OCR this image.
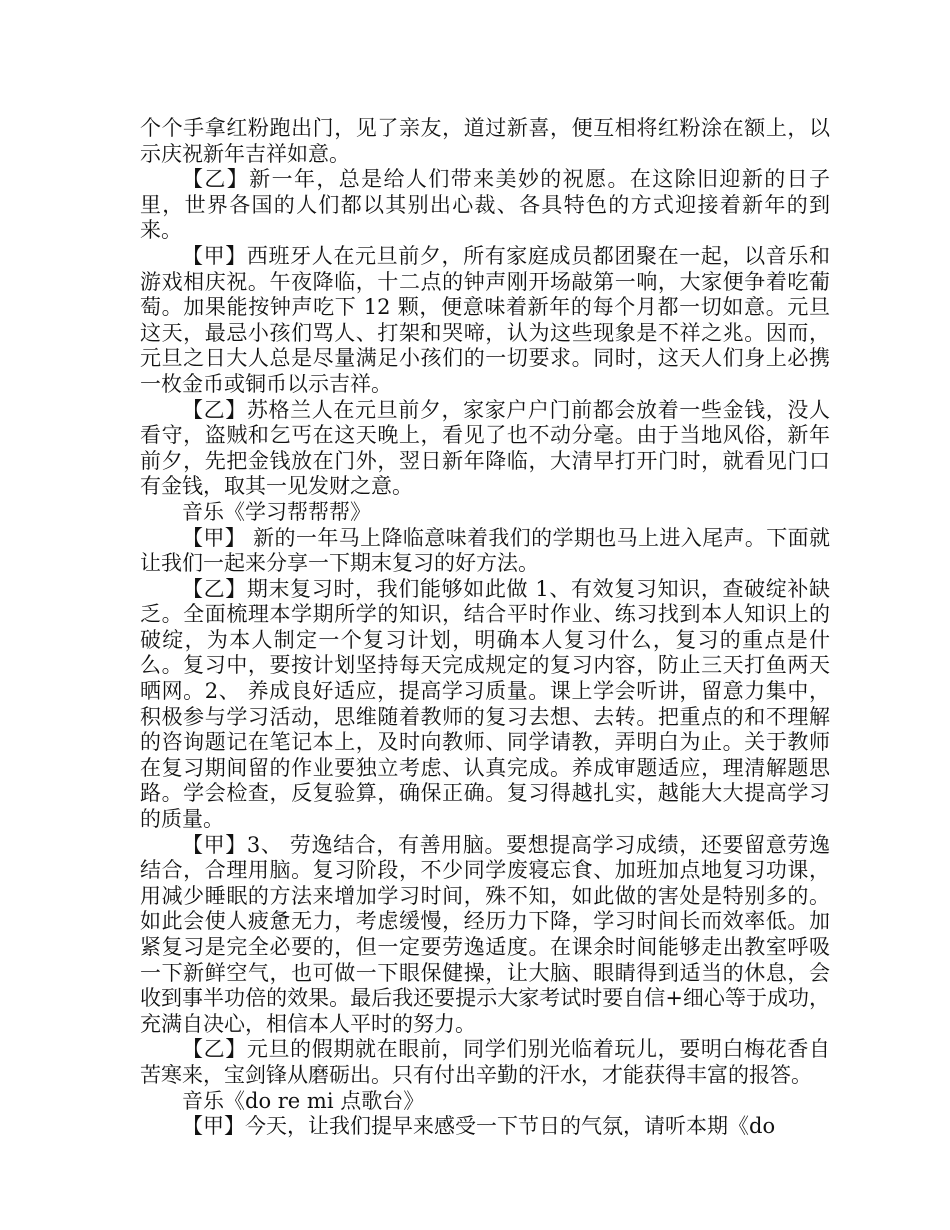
个个手拿红粉跑出门，见了亲友，道过新喜，便互相将红粉涂在额上，以示庆祝新年吉祥如意。

【乙】新一年，总是给人们带来美妙的祝愿。在这除旧迎新的日子里，世界各国的人们都以其别出心裁、各具特色的方式迎接着新年的到来。

【甲】西班牙人在元旦前夕，所有家庭成员都团聚在一起，以音乐和游戏相庆祝。午夜降临，十二点的钟声刚开场敲第一响，大家便争着吃葡萄。加果能按钟声吃下 12 颗，便意味着新年的每个月都一切如意。元旦这天，最忌小孩们骂人、打架和哭啼，认为这些现象是不祥之兆。因而，元旦之日大人总是尽量满足小孩们的一切要求。同时，这天人们身上必携一枚金币或铜币以示吉祥。

【乙】苏格兰人在元旦前夕，家家户户门前都会放着一些金钱，没人看守，盗贼和乞丐在这天晚上，看见了也不动分毫。由于当地风俗，新年前夕，先把金钱放在门外，翌日新年降临，大清早打开门时，就看见门口有金钱，取其一见发财之意。

音乐《学习帮帮帮》

【甲】 新的一年马上降临意味着我们的学期也马上进入尾声。下面就让我们一起来分享一下期末复习的好方法。

【乙】期末复习时，我们能够如此做 1、有效复习知识，查破绽补缺乏。全面梳理本学期所学的知识，结合平时作业、练习找到本人知识上的破绽，为本人制定一个复习计划，明确本人复习什么，复习的重点是什么。复习中，要按计划坚持每天完成规定的复习内容，防止三天打鱼两天晒网。2、 养成良好适应，提高学习质量。课上学会听讲，留意力集中，积极参与学习活动，思维随着教师的复习去想、去转。把重点的和不理解的咨询题记在笔记本上，及时向教师、同学请教，弄明白为止。关于教师在复习期间留的作业要独立考虑、认真完成。养成审题适应，理清解题思路。学会检查，反复验算，确保正确。复习得越扎实，越能大大提高学习的质量。

【甲】3、 劳逸结合，有善用脑。要想提高学习成绩，还要留意劳逸结合，合理用脑。复习阶段，不少同学废寝忘食、加班加点地复习功课，用减少睡眠的方法来增加学习时间，殊不知，如此做的害处是特别多的。如此会使人疲惫无力，考虑缓慢，经历力下降，学习时间长而效率低。加紧复习是完全必要的，但一定要劳逸适度。在课余时间能够走出教室呼吸一下新鲜空气，也可做一下眼保健操，让大脑、眼睛得到适当的休息，会收到事半功倍的效果。最后我还要提示大家考试时要自信+细心等于成功，充满自决心，相信本人平时的努力。

【乙】元旦的假期就在眼前，同学们别光临着玩儿，要明白梅花香自苦寒来，宝剑锋从磨砺出。只有付出辛勤的汗水，才能获得丰富的报答。

音乐《do re mi 点歌台》

【甲】今天，让我们提早来感受一下节日的气氛，请听本期《do
